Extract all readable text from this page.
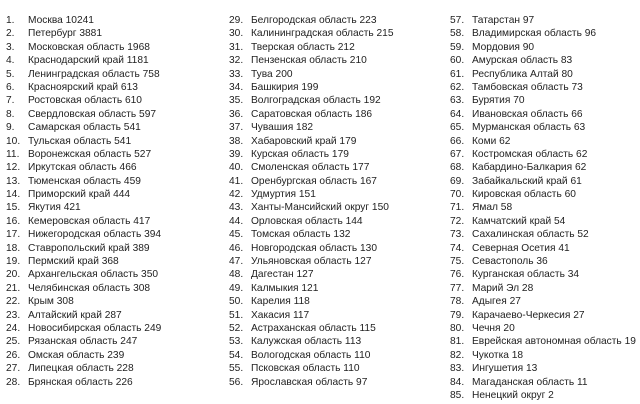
1.	Москва 10241
2.	Петербург 3881
3.	Московская область 1968
4.	Краснодарский край 1181
5.	Ленинградская область 758
6.	Красноярский край 613
7.	Ростовская область 610
8.	Свердловская область 597
9.	Самарская область 541
10. Тульская область 541
11. Воронежская область 527
12. Иркутская область 466
13. Тюменская область 459
14. Приморский край 444
15. Якутия 421
16. Кемеровская область 417
17. Нижегородская область 394
18. Ставропольский край 389
19. Пермский край 368
20. Архангельская область 350
21. Челябинская область 308
22. Крым 308
23. Алтайский край 287
24. Новосибирская область 249
25. Рязанская область 247
26. Омская область 239
27. Липецкая область 228
28. Брянская область 226
29. Белгородская область 223
30. Калининградская область 215
31. Тверская область 212
32. Пензенская область 210
33. Тува 200
34. Башкирия 199
35. Волгоградская область 192
36. Саратовская область 186
37. Чувашия 182
38. Хабаровский край 179
39. Курская область 179
40. Смоленская область 177
41. Оренбургская область 167
42. Удмуртия 151
43. Ханты-Мансийский округ 150
44. Орловская область 144
45. Томская область 132
46. Новгородская область 130
47. Ульяновская область 127
48. Дагестан 127
49. Калмыкия 121
50. Карелия 118
51. Хакасия 117
52. Астраханская область 115
53. Калужская область 113
54. Вологодская область 110
55. Псковская область 110
56. Ярославская область 97
57. Татарстан 97
58. Владимирская область 96
59. Мордовия 90
60. Амурская область 83
61. Республика Алтай 80
62. Тамбовская область 73
63. Бурятия 70
64. Ивановская область 66
65. Мурманская область 63
66. Коми 62
67. Костромская область 62
68. Кабардино-Балкария 62
69. Забайкальский край 61
70. Кировская область 60
71. Ямал 58
72. Камчатский край 54
73. Сахалинская область 52
74. Северная Осетия 41
75. Севастополь 36
76. Курганская область 34
77. Марий Эл 28
78. Адыгея 27
79. Карачаево-Черкесия 27
80. Чечня 20
81. Еврейская автономная область 19
82. Чукотка 18
83. Ингушетия 13
84. Магаданская область 11
85. Ненецкий округ 2
